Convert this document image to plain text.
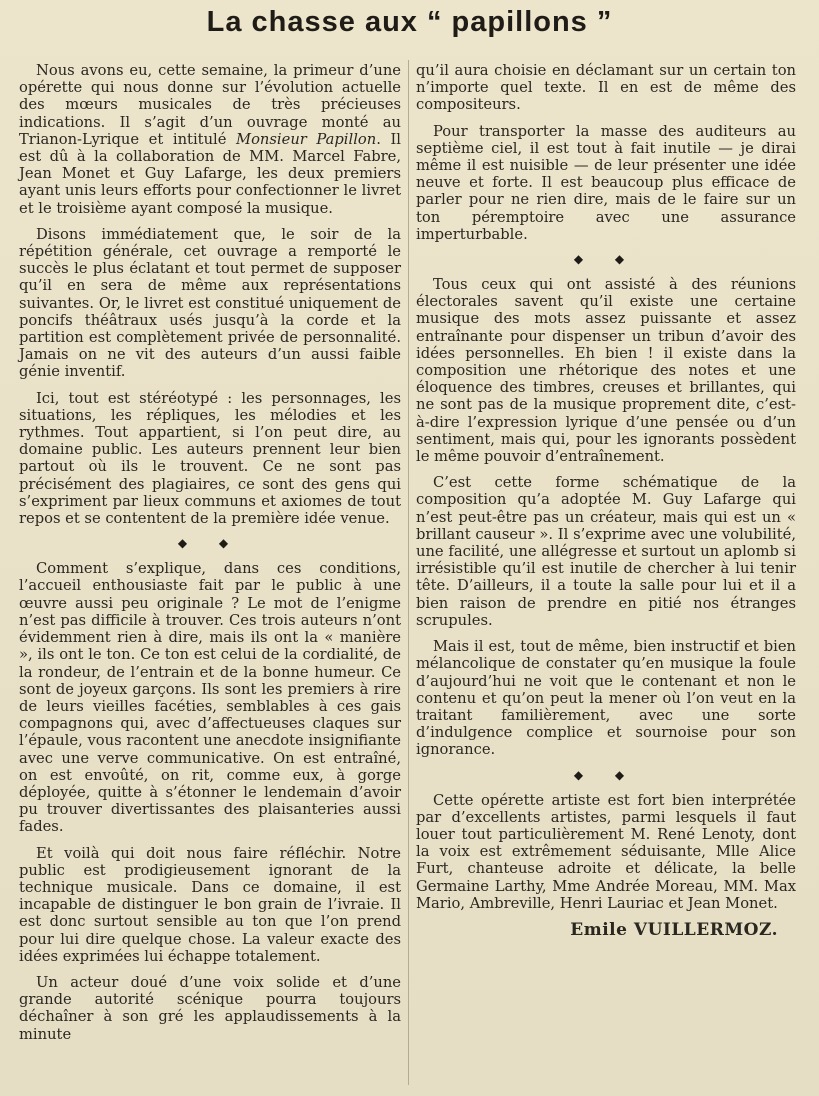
La chasse aux “ papillons ”

Nous avons eu, cette semaine, la primeur d’une opérette qui nous donne sur l’évolution actuelle des mœurs musicales de très précieuses indications. Il s’agit d’un ouvrage monté au Trianon-Lyrique et intitulé Monsieur Papillon. Il est dû à la collaboration de MM. Marcel Fabre, Jean Monet et Guy Lafarge, les deux premiers ayant unis leurs efforts pour confectionner le livret et le troisième ayant composé la musique.

Disons immédiatement que, le soir de la répétition générale, cet ouvrage a remporté le succès le plus éclatant et tout permet de supposer qu’il en sera de même aux représentations suivantes. Or, le livret est constitué uniquement de poncifs théâtraux usés jusqu’à la corde et la partition est complètement privée de personnalité. Jamais on ne vit des auteurs d’un aussi faible génie inventif.

Ici, tout est stéréotypé : les personnages, les situations, les répliques, les mélodies et les rythmes. Tout appartient, si l’on peut dire, au domaine public. Les auteurs prennent leur bien partout où ils le trouvent. Ce ne sont pas précisément des plagiaires, ce sont des gens qui s’expriment par lieux communs et axiomes de tout repos et se contentent de la première idée venue.

◆ ◆

Comment s’explique, dans ces conditions, l’accueil enthousiaste fait par le public à une œuvre aussi peu originale ? Le mot de l’enigme n’est pas difficile à trouver. Ces trois auteurs n’ont évidemment rien à dire, mais ils ont la « manière », ils ont le ton. Ce ton est celui de la cordialité, de la rondeur, de l’entrain et de la bonne humeur. Ce sont de joyeux garçons. Ils sont les premiers à rire de leurs vieilles facéties, semblables à ces gais compagnons qui, avec d’affectueuses claques sur l’épaule, vous racontent une anecdote insignifiante avec une verve communicative. On est entraîné, on est envoûté, on rit, comme eux, à gorge déployée, quitte à s’étonner le lendemain d’avoir pu trouver divertissantes des plaisanteries aussi fades.

Et voilà qui doit nous faire réfléchir. Notre public est prodigieusement ignorant de la technique musicale. Dans ce domaine, il est incapable de distinguer le bon grain de l’ivraie. Il est donc surtout sensible au ton que l’on prend pour lui dire quelque chose. La valeur exacte des idées exprimées lui échappe totalement.

Un acteur doué d’une voix solide et d’une grande autorité scénique pourra toujours déchaîner à son gré les applaudissements à la minute

qu’il aura choisie en déclamant sur un certain ton n’importe quel texte. Il en est de même des compositeurs.

Pour transporter la masse des auditeurs au septième ciel, il est tout à fait inutile — je dirai même il est nuisible — de leur présenter une idée neuve et forte. Il est beaucoup plus efficace de parler pour ne rien dire, mais de le faire sur un ton péremptoire avec une assurance imperturbable.

◆ ◆

Tous ceux qui ont assisté à des réunions électorales savent qu’il existe une certaine musique des mots assez puissante et assez entraînante pour dispenser un tribun d’avoir des idées personnelles. Eh bien ! il existe dans la composition une rhétorique des notes et une éloquence des timbres, creuses et brillantes, qui ne sont pas de la musique proprement dite, c’est-à-dire l’expression lyrique d’une pensée ou d’un sentiment, mais qui, pour les ignorants possèdent le même pouvoir d’entraînement.

C’est cette forme schématique de la composition qu’a adoptée M. Guy Lafarge qui n’est peut-être pas un créateur, mais qui est un « brillant causeur ». Il s’exprime avec une volubilité, une facilité, une allégresse et surtout un aplomb si irrésistible qu’il est inutile de chercher à lui tenir tête. D’ailleurs, il a toute la salle pour lui et il a bien raison de prendre en pitié nos étranges scrupules.

Mais il est, tout de même, bien instructif et bien mélancolique de constater qu’en musique la foule d’aujourd’hui ne voit que le contenant et non le contenu et qu’on peut la mener où l’on veut en la traitant familièrement, avec une sorte d’indulgence complice et sournoise pour son ignorance.

◆ ◆

Cette opérette artiste est fort bien interprétée par d’excellents artistes, parmi lesquels il faut louer tout particulièrement M. René Lenoty, dont la voix est extrêmement séduisante, Mlle Alice Furt, chanteuse adroite et délicate, la belle Germaine Larthy, Mme Andrée Moreau, MM. Max Mario, Ambreville, Henri Lauriac et Jean Monet.

Emile VUILLERMOZ.
